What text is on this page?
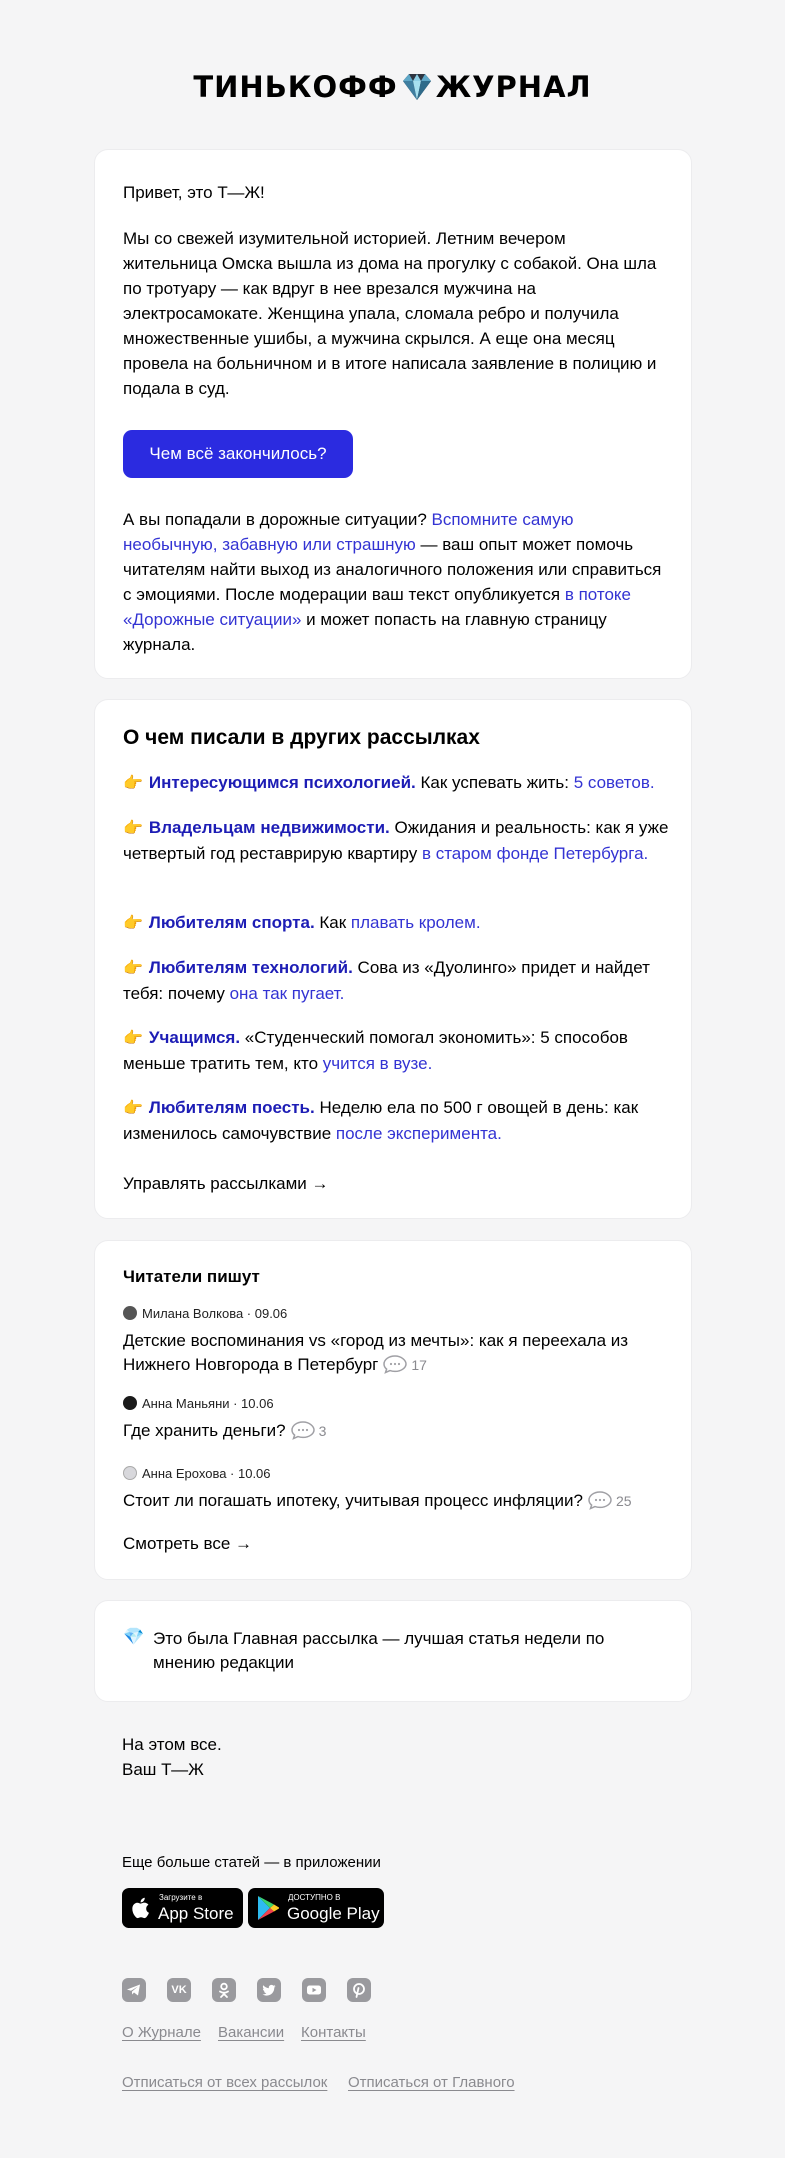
ТИНЬКОФФ ЖУРНАЛ
Привет, это Т—Ж!
Мы со свежей изумительной историей. Летним вечером жительница Омска вышла из дома на прогулку с собакой. Она шла по тротуару — как вдруг в нее врезался мужчина на электросамокате. Женщина упала, сломала ребро и получила множественные ушибы, а мужчина скрылся. А еще она месяц провела на больничном и в итоге написала заявление в полицию и подала в суд.
Чем всё закончилось?
А вы попадали в дорожные ситуации? Вспомните самую необычную, забавную или страшную — ваш опыт может помочь читателям найти выход из аналогичного положения или справиться с эмоциями. После модерации ваш текст опубликуется в потоке «Дорожные ситуации» и может попасть на главную страницу журнала.
О чем писали в других рассылках
👉 Интересующимся психологией. Как успевать жить: 5 советов.
👉 Владельцам недвижимости. Ожидания и реальность: как я уже четвертый год реставрирую квартиру в старом фонде Петербурга.
👉 Любителям спорта. Как плавать кролем.
👉 Любителям технологий. Сова из «Дуолинго» придет и найдет тебя: почему она так пугает.
👉 Учащимся. «Студенческий помогал экономить»: 5 способов меньше тратить тем, кто учится в вузе.
👉 Любителям поесть. Неделю ела по 500 г овощей в день: как изменилось самочувствие после эксперимента.
Управлять рассылками →
Читатели пишут
Милана Волкова · 09.06
Детские воспоминания vs «город из мечты»: как я переехала из Нижнего Новгорода в Петербург 17
Анна Маньяни · 10.06
Где хранить деньги? 3
Анна Ерохова · 10.06
Стоит ли погашать ипотеку, учитывая процесс инфляции? 25
Смотреть все →
💎 Это была Главная рассылка — лучшая статья недели по мнению редакции
На этом все.
Ваш Т—Ж
Еще больше статей — в приложении
Загрузите в
App Store
ДОСТУПНО В
Google Play
VK
О Журнале Вакансии Контакты
Отписаться от всех рассылок Отписаться от Главного
